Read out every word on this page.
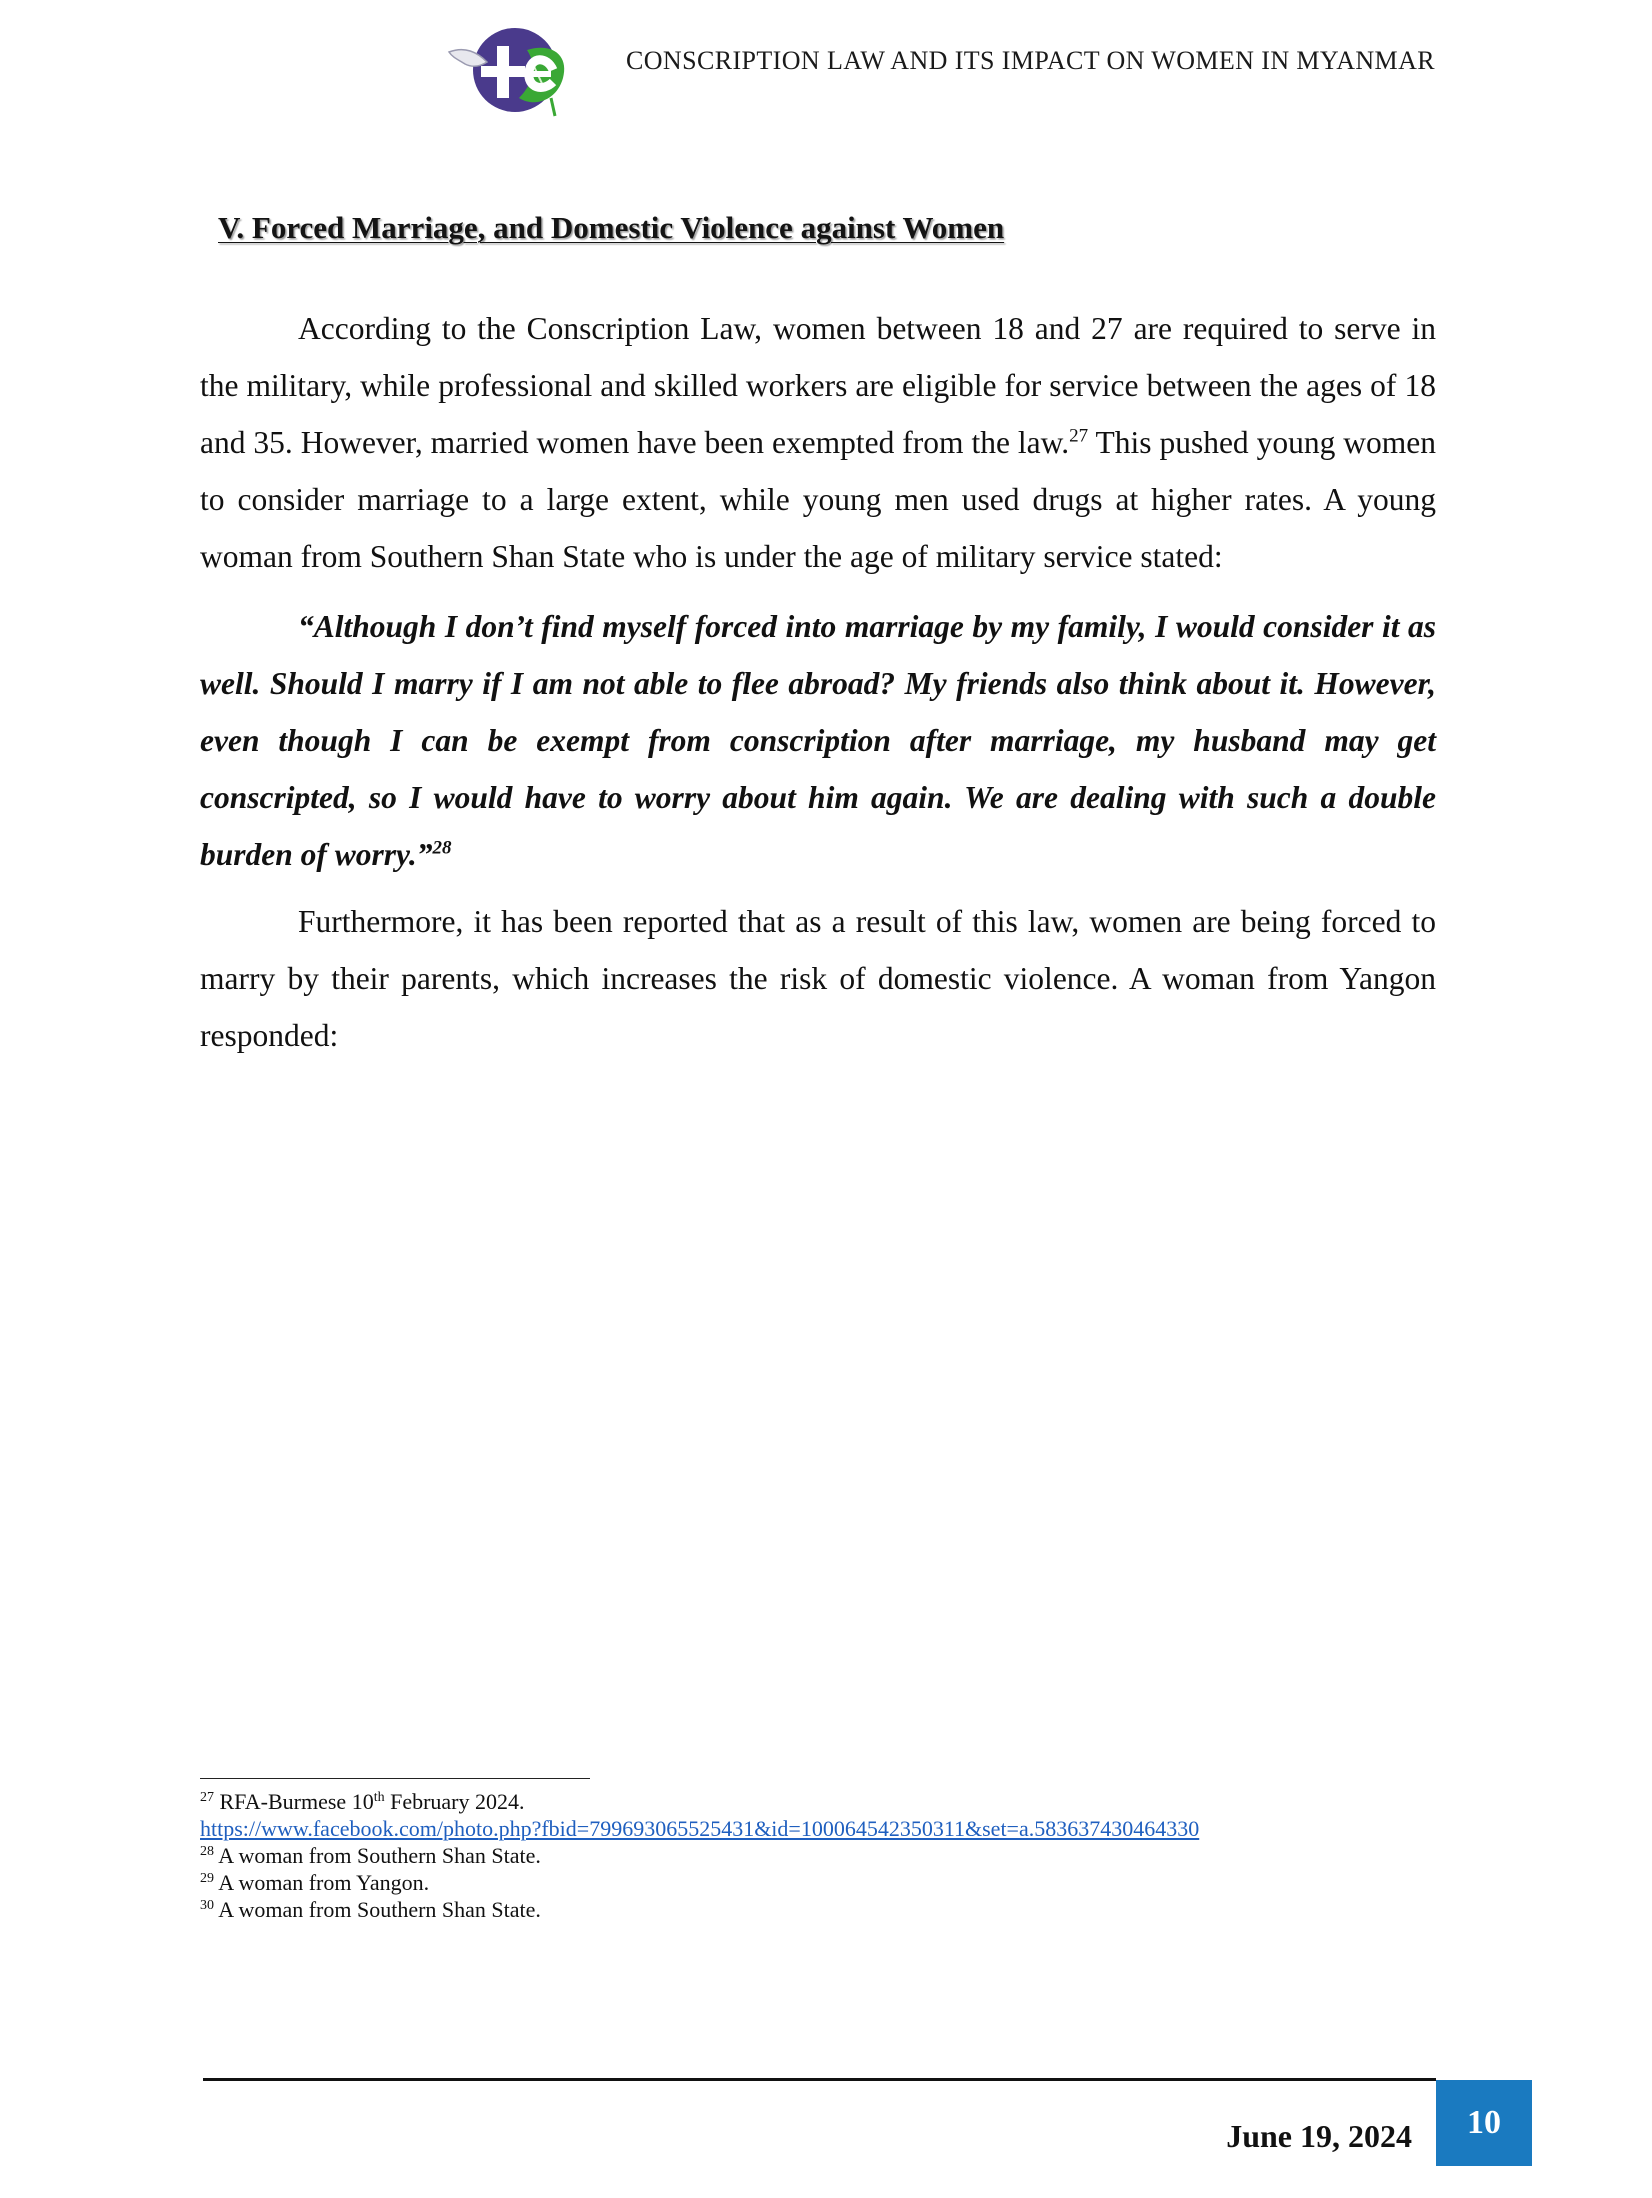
CONSCRIPTION LAW AND ITS IMPACT ON WOMEN IN MYANMAR
V. Forced Marriage, and Domestic Violence against Women

According to the Conscription Law, women between 18 and 27 are required to serve in the military, while professional and skilled workers are eligible for service between the ages of 18 and 35. However, married women have been exempted from the law.$^{27}$ This pushed young women to consider marriage to a large extent, while young men used drugs at higher rates. A young woman from Southern Shan State who is under the age of military service stated:

“Although I don’t find myself forced into marriage by my family, I would consider it as well. Should I marry if I am not able to flee abroad? My friends also think about it. However, even though I can be exempt from conscription after marriage, my husband may get conscripted, so I would have to worry about him again. We are dealing with such a double burden of worry.”$^{28}$

Furthermore, it has been reported that as a result of this law, women are being forced to marry by their parents, which increases the risk of domestic violence. A woman from Yangon responded:

$^{27}$ RFA-Burmese 10th February 2024.
https://www.facebook.com/photo.php?fbid=799693065525431&id=100064542350311&set=a.583637430464330
$^{28}$ A woman from Southern Shan State.
$^{29}$ A woman from Yangon.
$^{30}$ A woman from Southern Shan State.
June 19, 2024 10
